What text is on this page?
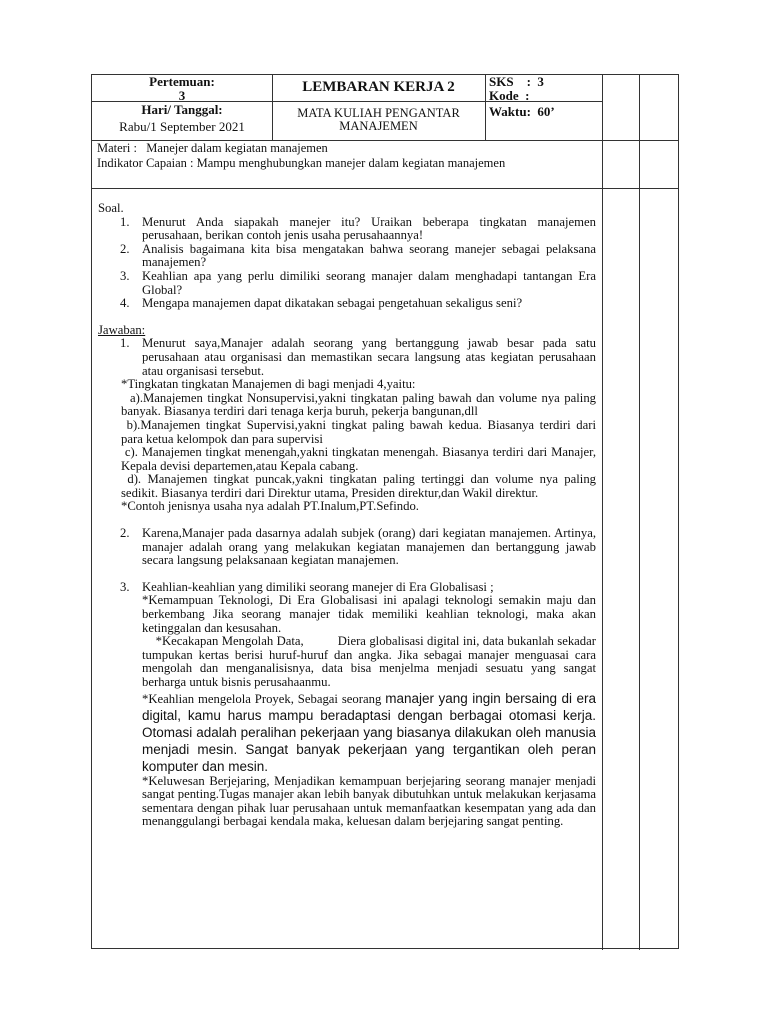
Pertemuan:
3
Hari/ Tanggal:
Rabu/1 September 2021
LEMBARAN KERJA 2
MATA KULIAH PENGANTAR
MANAJEMEN
SKS    :  3
Kode  :
Waktu:  60’
Materi :   Manejer dalam kegiatan manajemen
Indikator Capaian : Mampu menghubungkan manejer dalam kegiatan manajemen

Soal.

1. Menurut Anda siapakah manejer itu? Uraikan beberapa tingkatan manajemen perusahaan, berikan contoh jenis usaha perusahaannya!

2. Analisis bagaimana kita bisa mengatakan bahwa seorang manejer sebagai pelaksana manajemen?

3. Keahlian apa yang perlu dimiliki seorang manajer dalam menghadapi tantangan Era Global?

4. Mengapa manajemen dapat dikatakan sebagai pengetahuan sekaligus seni?

Jawaban:

1. Menurut saya,Manajer adalah seorang yang bertanggung jawab besar pada satu perusahaan atau organisasi dan memastikan secara langsung atas kegiatan perusahaan atau organisasi tersebut.

*Tingkatan tingkatan Manajemen di bagi menjadi 4,yaitu:

a).Manajemen tingkat Nonsupervisi,yakni tingkatan paling bawah dan volume nya paling banyak. Biasanya terdiri dari tenaga kerja buruh, pekerja bangunan,dll

b).Manajemen tingkat Supervisi,yakni tingkat paling bawah kedua. Biasanya terdiri dari para ketua kelompok dan para supervisi

c). Manajemen tingkat menengah,yakni tingkatan menengah. Biasanya terdiri dari Manajer, Kepala devisi departemen,atau Kepala cabang.

d). Manajemen tingkat puncak,yakni tingkatan paling tertinggi dan volume nya paling sedikit. Biasanya terdiri dari Direktur utama, Presiden direktur,dan Wakil direktur.

*Contoh jenisnya usaha nya adalah PT.Inalum,PT.Sefindo.

2. Karena,Manajer pada dasarnya adalah subjek (orang) dari kegiatan manajemen. Artinya, manajer adalah orang yang melakukan kegiatan manajemen dan bertanggung jawab secara langsung pelaksanaan kegiatan manajemen.

3. Keahlian-keahlian yang dimiliki seorang manejer di Era Globalisasi ;

*Kemampuan Teknologi, Di Era Globalisasi ini apalagi teknologi semakin maju dan berkembang Jika seorang manajer tidak memiliki keahlian teknologi, maka akan ketinggalan dan kesusahan.

*Kecakapan Mengolah Data,          Diera globalisasi digital ini, data bukanlah sekadar tumpukan kertas berisi huruf-huruf dan angka. Jika sebagai manajer menguasai cara mengolah dan menganalisisnya, data bisa menjelma menjadi sesuatu yang sangat berharga untuk bisnis perusahaanmu.

*Keahlian mengelola Proyek, Sebagai seorang manajer yang ingin bersaing di era digital, kamu harus mampu beradaptasi dengan berbagai otomasi kerja. Otomasi adalah peralihan pekerjaan yang biasanya dilakukan oleh manusia menjadi mesin. Sangat banyak pekerjaan yang tergantikan oleh peran komputer dan mesin.

*Keluwesan Berjejaring, Menjadikan kemampuan berjejaring seorang manajer menjadi sangat penting.Tugas manajer akan lebih banyak dibutuhkan untuk melakukan kerjasama sementara dengan pihak luar perusahaan untuk memanfaatkan kesempatan yang ada dan menanggulangi berbagai kendala maka, keluesan dalam berjejaring sangat penting.
